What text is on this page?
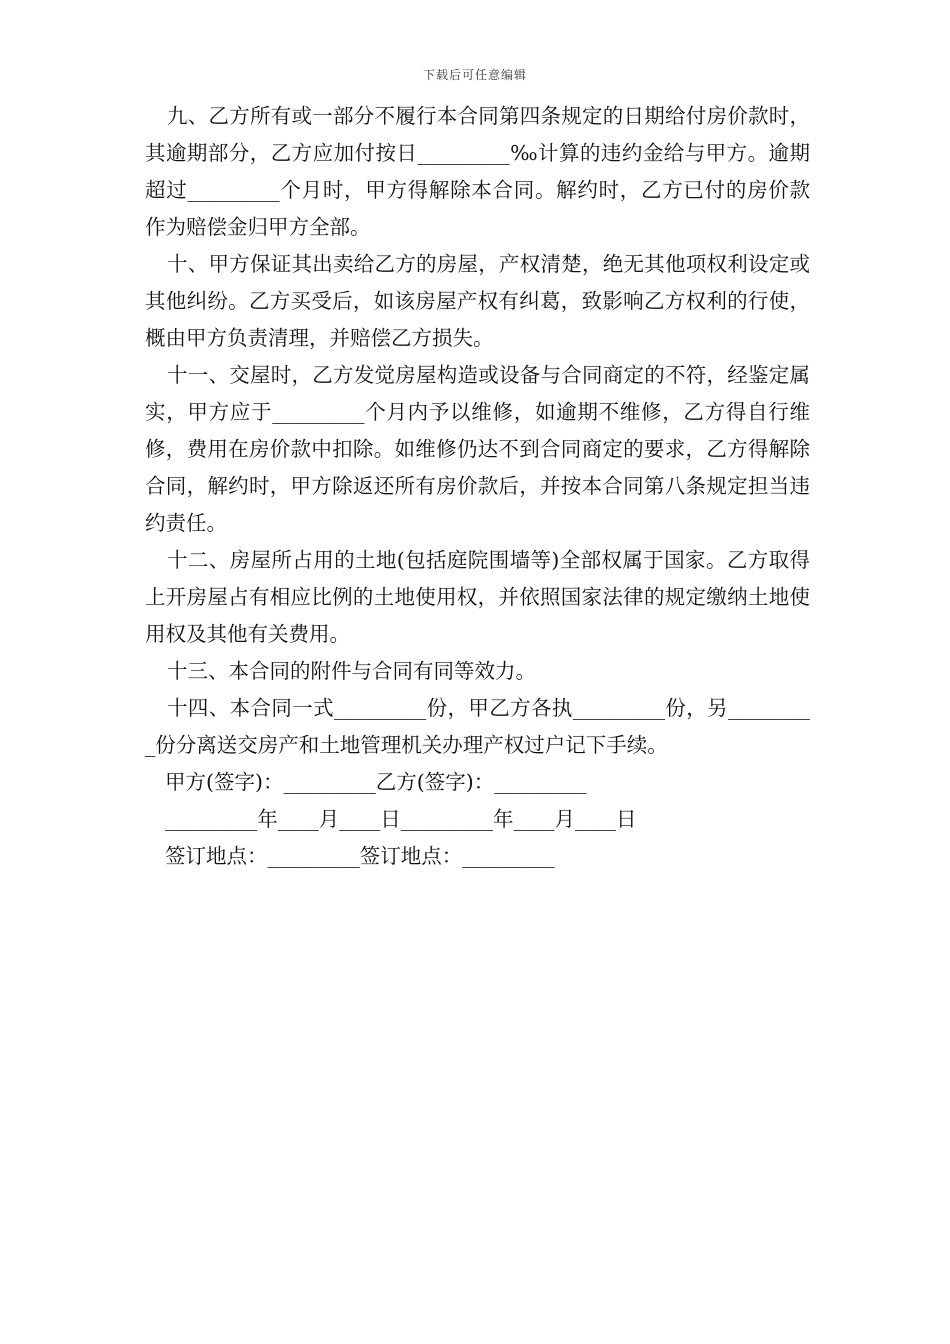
下载后可任意编辑

九、乙方所有或一部分不履行本合同第四条规定的日期给付房价款时，其逾期部分，乙方应加付按日_________‰计算的违约金给与甲方。逾期超过_________个月时，甲方得解除本合同。解约时，乙方已付的房价款作为赔偿金归甲方全部。

十、甲方保证其出卖给乙方的房屋，产权清楚，绝无其他项权利设定或其他纠纷。乙方买受后，如该房屋产权有纠葛，致影响乙方权利的行使，概由甲方负责清理，并赔偿乙方损失。

十一、交屋时，乙方发觉房屋构造或设备与合同商定的不符，经鉴定属实，甲方应于_________个月内予以维修，如逾期不维修，乙方得自行维修，费用在房价款中扣除。如维修仍达不到合同商定的要求，乙方得解除合同，解约时，甲方除返还所有房价款后，并按本合同第八条规定担当违约责任。

十二、房屋所占用的土地(包括庭院围墙等)全部权属于国家。乙方取得上开房屋占有相应比例的土地使用权，并依照国家法律的规定缴纳土地使用权及其他有关费用。

十三、本合同的附件与合同有同等效力。

十四、本合同一式_________份，甲乙方各执_________份，另_________份分离送交房产和土地管理机关办理产权过户记下手续。

甲方(签字)：_________乙方(签字)：_________

_________年____月____日_________年____月____日

签订地点：_________签订地点：_________
